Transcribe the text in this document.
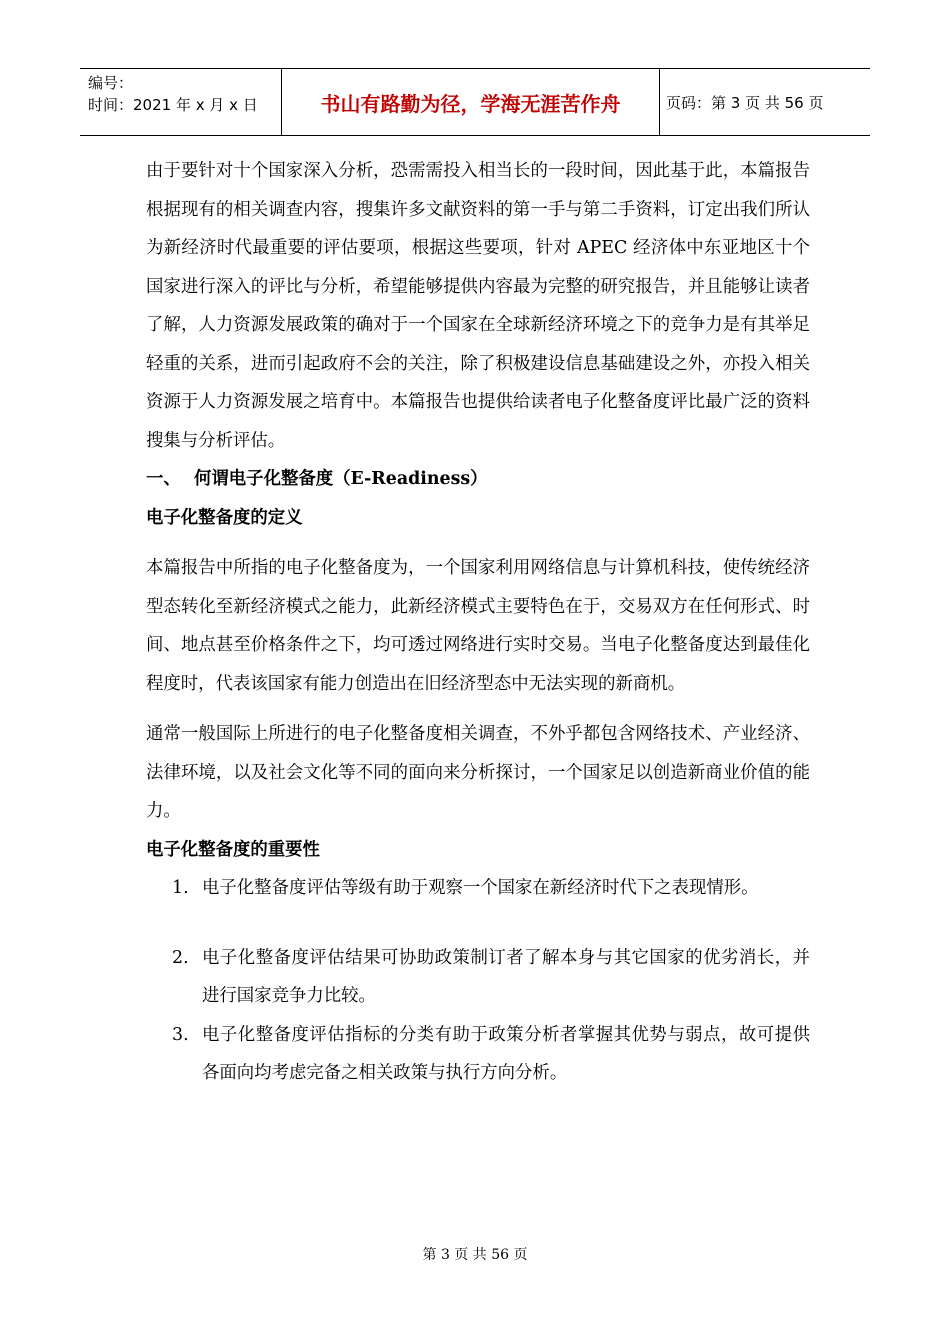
编号：
时间：2021 年 x 月 x 日	书山有路勤为径，学海无涯苦作舟	页码：第 3 页 共 56 页

由于要针对十个国家深入分析，恐需需投入相当长的一段时间，因此基于此，本篇报告根据现有的相关调查内容，搜集许多文献资料的第一手与第二手资料，订定出我们所认为新经济时代最重要的评估要项，根据这些要项，针对 APEC 经济体中东亚地区十个国家进行深入的评比与分析，希望能够提供内容最为完整的研究报告，并且能够让读者了解，人力资源发展政策的确对于一个国家在全球新经济环境之下的竞争力是有其举足轻重的关系，进而引起政府不会的关注，除了积极建设信息基础建设之外，亦投入相关资源于人力资源发展之培育中。本篇报告也提供给读者电子化整备度评比最广泛的资料搜集与分析评估。

一、 何谓电子化整备度（E-Readiness）

电子化整备度的定义

本篇报告中所指的电子化整备度为，一个国家利用网络信息与计算机科技，使传统经济型态转化至新经济模式之能力，此新经济模式主要特色在于，交易双方在任何形式、时间、地点甚至价格条件之下，均可透过网络进行实时交易。当电子化整备度达到最佳化程度时，代表该国家有能力创造出在旧经济型态中无法实现的新商机。

通常一般国际上所进行的电子化整备度相关调查，不外乎都包含网络技术、产业经济、法律环境，以及社会文化等不同的面向来分析探讨，一个国家足以创造新商业价值的能力。

电子化整备度的重要性

1. 电子化整备度评估等级有助于观察一个国家在新经济时代下之表现情形。
2. 电子化整备度评估结果可协助政策制订者了解本身与其它国家的优劣消长，并进行国家竞争力比较。
3. 电子化整备度评估指标的分类有助于政策分析者掌握其优势与弱点，故可提供各面向均考虑完备之相关政策与执行方向分析。
第 3 页 共 56 页
